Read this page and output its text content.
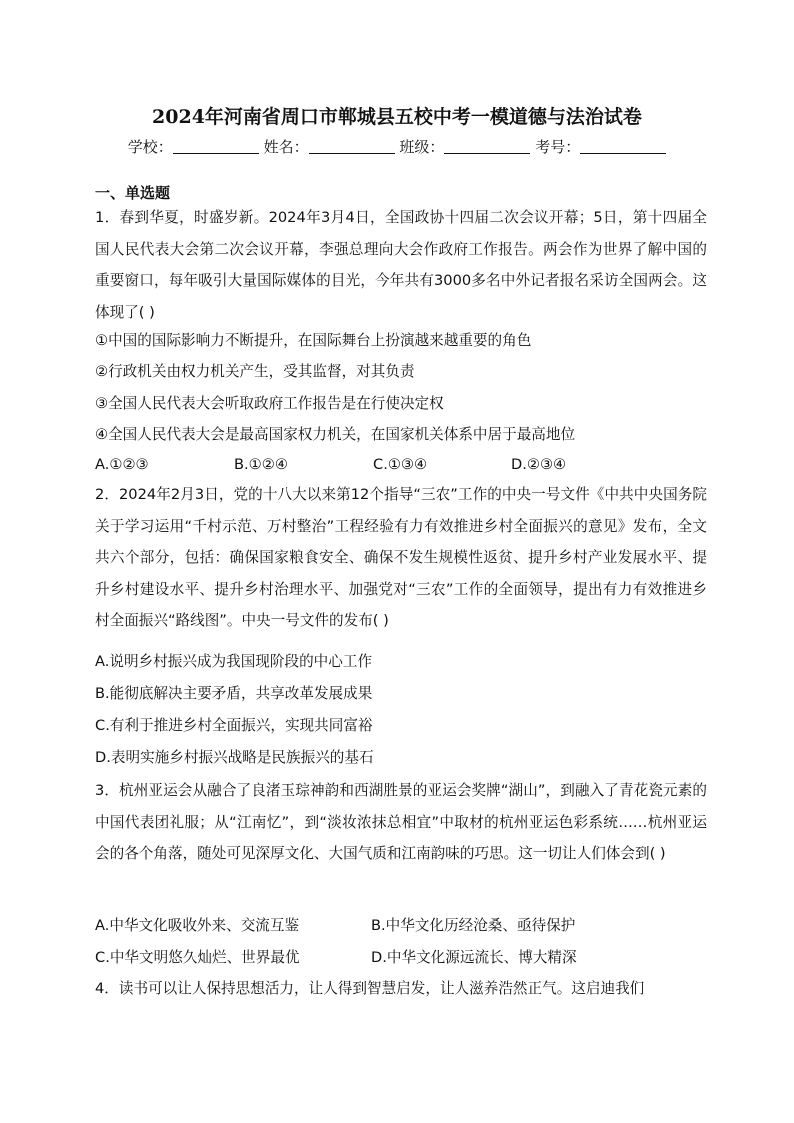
2024年河南省周口市郸城县五校中考一模道德与法治试卷
学校：	姓名：	班级：	考号：
一、单选题

1．春到华夏，时盛岁新。2024年3月4日，全国政协十四届二次会议开幕；5日，第十四届全国人民代表大会第二次会议开幕，李强总理向大会作政府工作报告。两会作为世界了解中国的重要窗口，每年吸引大量国际媒体的目光，今年共有3000多名中外记者报名采访全国两会。这体现了( )

①中国的国际影响力不断提升，在国际舞台上扮演越来越重要的角色
②行政机关由权力机关产生，受其监督，对其负责
③全国人民代表大会听取政府工作报告是在行使决定权
④全国人民代表大会是最高国家权力机关，在国家机关体系中居于最高地位
A.①②③	B.①②④	C.①③④	D.②③④

2．2024年2月3日，党的十八大以来第12个指导“三农”工作的中央一号文件《中共中央国务院关于学习运用“千村示范、万村整治”工程经验有力有效推进乡村全面振兴的意见》发布，全文共六个部分，包括：确保国家粮食安全、确保不发生规模性返贫、提升乡村产业发展水平、提升乡村建设水平、提升乡村治理水平、加强党对“三农”工作的全面领导，提出有力有效推进乡村全面振兴“路线图”。中央一号文件的发布( )

A.说明乡村振兴成为我国现阶段的中心工作
B.能彻底解决主要矛盾，共享改革发展成果
C.有利于推进乡村全面振兴，实现共同富裕
D.表明实施乡村振兴战略是民族振兴的基石

3．杭州亚运会从融合了良渚玉琮神韵和西湖胜景的亚运会奖牌“湖山”，到融入了青花瓷元素的中国代表团礼服；从“江南忆”，到“淡妆浓抹总相宜”中取材的杭州亚运色彩系统……杭州亚运会的各个角落，随处可见深厚文化、大国气质和江南韵味的巧思。这一切让人们体会到( )

A.中华文化吸收外来、交流互鉴	B.中华文化历经沧桑、亟待保护
C.中华文明悠久灿烂、世界最优	D.中华文化源远流长、博大精深

4．读书可以让人保持思想活力，让人得到智慧启发，让人滋养浩然正气。这启迪我们
